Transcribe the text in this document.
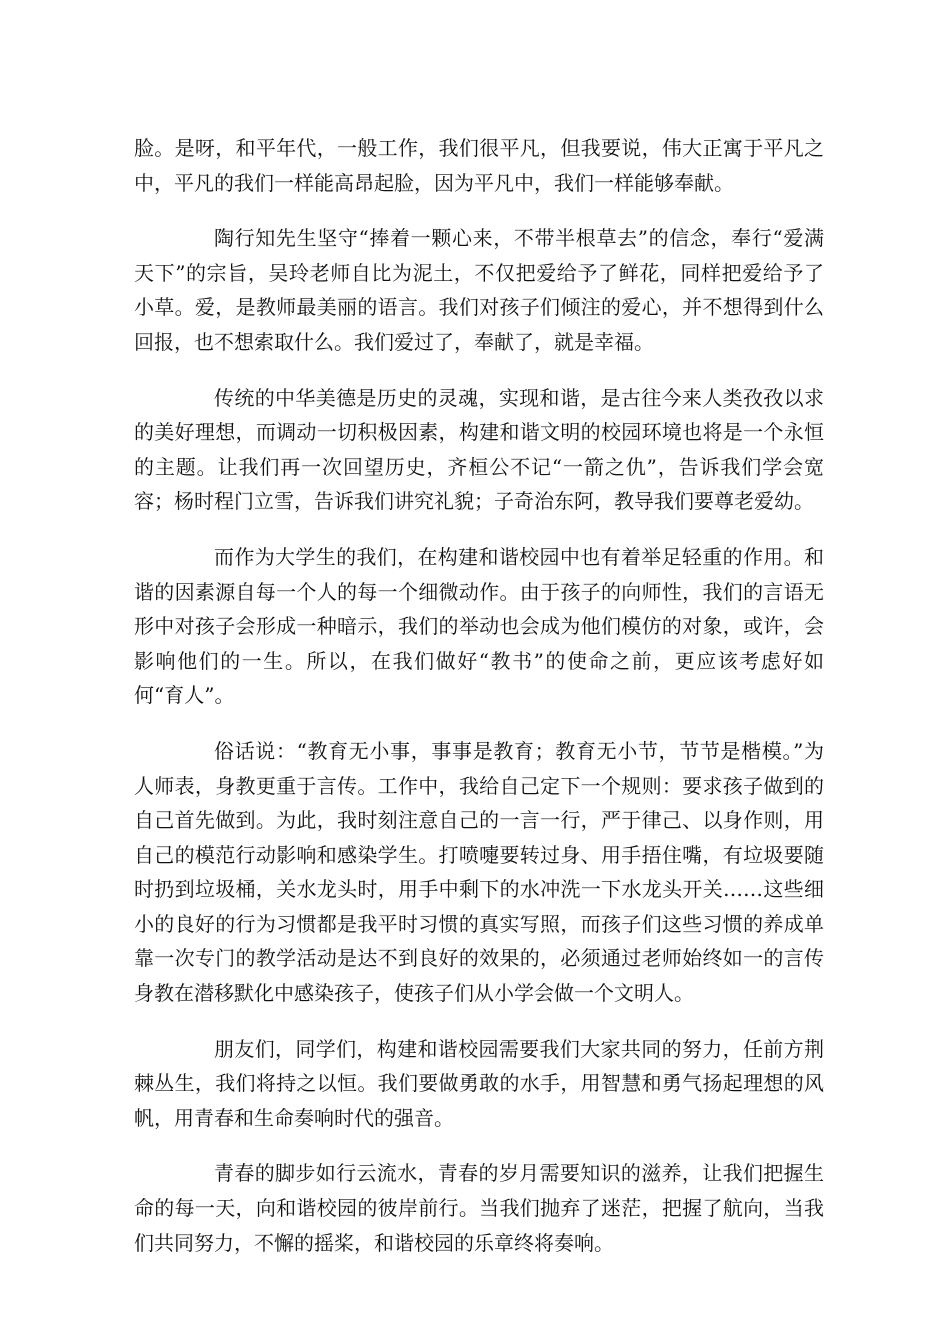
脸。是呀，和平年代，一般工作，我们很平凡，但我要说，伟大正寓于平凡之中，平凡的我们一样能高昂起脸，因为平凡中，我们一样能够奉献。

陶行知先生坚守“捧着一颗心来，不带半根草去”的信念，奉行“爱满天下”的宗旨，吴玲老师自比为泥土，不仅把爱给予了鲜花，同样把爱给予了小草。爱，是教师最美丽的语言。我们对孩子们倾注的爱心，并不想得到什么回报，也不想索取什么。我们爱过了，奉献了，就是幸福。

传统的中华美德是历史的灵魂，实现和谐，是古往今来人类孜孜以求的美好理想，而调动一切积极因素，构建和谐文明的校园环境也将是一个永恒的主题。让我们再一次回望历史，齐桓公不记“一箭之仇”，告诉我们学会宽容；杨时程门立雪，告诉我们讲究礼貌；子奇治东阿，教导我们要尊老爱幼。

而作为大学生的我们，在构建和谐校园中也有着举足轻重的作用。和谐的因素源自每一个人的每一个细微动作。由于孩子的向师性，我们的言语无形中对孩子会形成一种暗示，我们的举动也会成为他们模仿的对象，或许，会影响他们的一生。所以，在我们做好“教书”的使命之前，更应该考虑好如何“育人”。

俗话说：“教育无小事，事事是教育；教育无小节，节节是楷模。”为人师表，身教更重于言传。工作中，我给自己定下一个规则：要求孩子做到的自己首先做到。为此，我时刻注意自己的一言一行，严于律己、以身作则，用自己的模范行动影响和感染学生。打喷嚏要转过身、用手捂住嘴，有垃圾要随时扔到垃圾桶，关水龙头时，用手中剩下的水冲洗一下水龙头开关……这些细小的良好的行为习惯都是我平时习惯的真实写照，而孩子们这些习惯的养成单靠一次专门的教学活动是达不到良好的效果的，必须通过老师始终如一的言传身教在潜移默化中感染孩子，使孩子们从小学会做一个文明人。

朋友们，同学们，构建和谐校园需要我们大家共同的努力，任前方荆棘丛生，我们将持之以恒。我们要做勇敢的水手，用智慧和勇气扬起理想的风帆，用青春和生命奏响时代的强音。

青春的脚步如行云流水，青春的岁月需要知识的滋养，让我们把握生命的每一天，向和谐校园的彼岸前行。当我们抛弃了迷茫，把握了航向，当我们共同努力，不懈的摇桨，和谐校园的乐章终将奏响。
